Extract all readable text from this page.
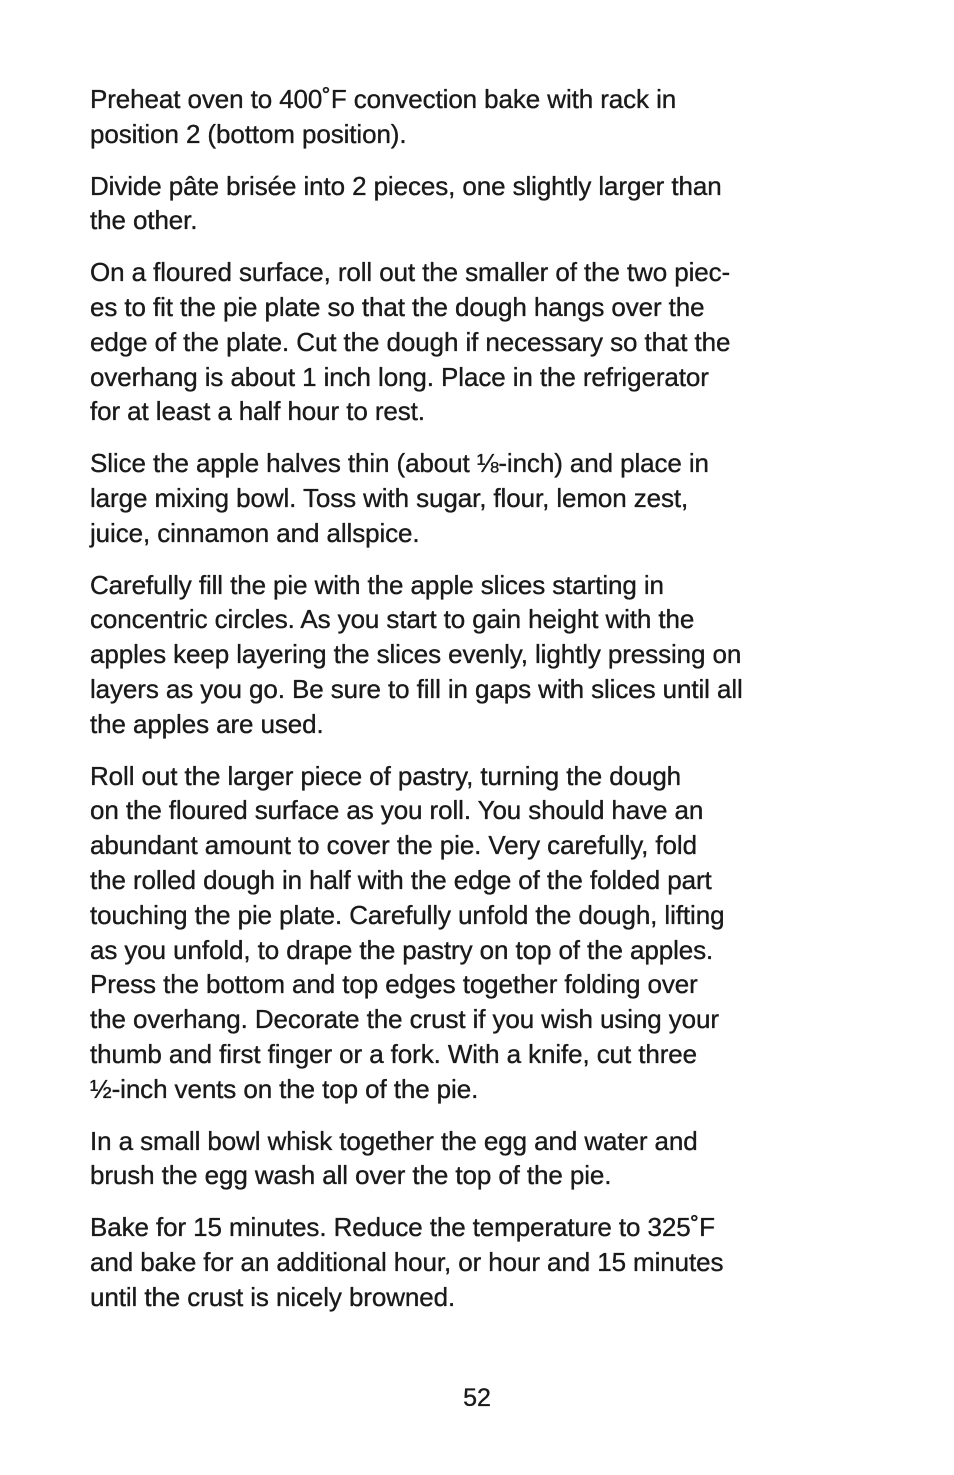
Preheat oven to 400˚F convection bake with rack in
position 2 (bottom position).

Divide pâte brisée into 2 pieces, one slightly larger than
the other.

On a floured surface, roll out the smaller of the two piec-
es to fit the pie plate so that the dough hangs over the
edge of the plate. Cut the dough if necessary so that the
overhang is about 1 inch long. Place in the refrigerator
for at least a half hour to rest.

Slice the apple halves thin (about ⅛-inch) and place in
large mixing bowl. Toss with sugar, flour, lemon zest,
juice, cinnamon and allspice.

Carefully fill the pie with the apple slices starting in
concentric circles. As you start to gain height with the
apples keep layering the slices evenly, lightly pressing on
layers as you go. Be sure to fill in gaps with slices until all
the apples are used.

Roll out the larger piece of pastry, turning the dough
on the floured surface as you roll. You should have an
abundant amount to cover the pie. Very carefully, fold
the rolled dough in half with the edge of the folded part
touching the pie plate. Carefully unfold the dough, lifting
as you unfold, to drape the pastry on top of the apples.
Press the bottom and top edges together folding over
the overhang. Decorate the crust if you wish using your
thumb and first finger or a fork. With a knife, cut three
½-inch vents on the top of the pie.

In a small bowl whisk together the egg and water and
brush the egg wash all over the top of the pie.

Bake for 15 minutes. Reduce the temperature to 325˚F
and bake for an additional hour, or hour and 15 minutes
until the crust is nicely browned.

52
